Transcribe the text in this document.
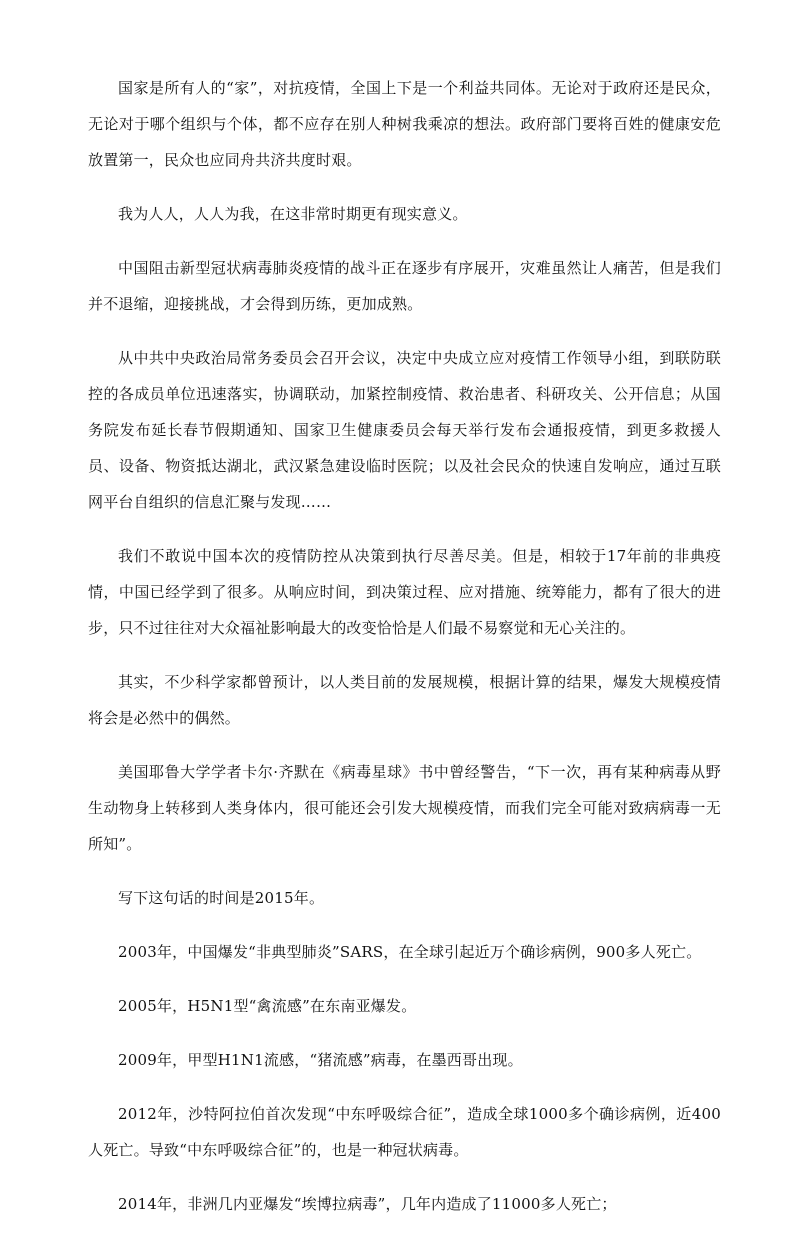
国家是所有人的“家”，对抗疫情，全国上下是一个利益共同体。无论对于政府还是民众，无论对于哪个组织与个体，都不应存在别人种树我乘凉的想法。政府部门要将百姓的健康安危放置第一，民众也应同舟共济共度时艰。

我为人人，人人为我，在这非常时期更有现实意义。

中国阻击新型冠状病毒肺炎疫情的战斗正在逐步有序展开，灾难虽然让人痛苦，但是我们并不退缩，迎接挑战，才会得到历练，更加成熟。

从中共中央政治局常务委员会召开会议，决定中央成立应对疫情工作领导小组，到联防联控的各成员单位迅速落实，协调联动，加紧控制疫情、救治患者、科研攻关、公开信息；从国务院发布延长春节假期通知、国家卫生健康委员会每天举行发布会通报疫情，到更多救援人员、设备、物资抵达湖北，武汉紧急建设临时医院；以及社会民众的快速自发响应，通过互联网平台自组织的信息汇聚与发现……

我们不敢说中国本次的疫情防控从决策到执行尽善尽美。但是，相较于17年前的非典疫情，中国已经学到了很多。从响应时间，到决策过程、应对措施、统筹能力，都有了很大的进步，只不过往往对大众福祉影响最大的改变恰恰是人们最不易察觉和无心关注的。

其实，不少科学家都曾预计，以人类目前的发展规模，根据计算的结果，爆发大规模疫情将会是必然中的偶然。

美国耶鲁大学学者卡尔·齐默在《病毒星球》书中曾经警告，“下一次，再有某种病毒从野生动物身上转移到人类身体内，很可能还会引发大规模疫情，而我们完全可能对致病病毒一无所知”。

写下这句话的时间是2015年。

2003年，中国爆发“非典型肺炎”SARS，在全球引起近万个确诊病例，900多人死亡。

2005年，H5N1型“禽流感”在东南亚爆发。

2009年，甲型H1N1流感，“猪流感”病毒，在墨西哥出现。

2012年，沙特阿拉伯首次发现“中东呼吸综合征”，造成全球1000多个确诊病例，近400人死亡。导致“中东呼吸综合征”的，也是一种冠状病毒。

2014年，非洲几内亚爆发“埃博拉病毒”，几年内造成了11000多人死亡；
